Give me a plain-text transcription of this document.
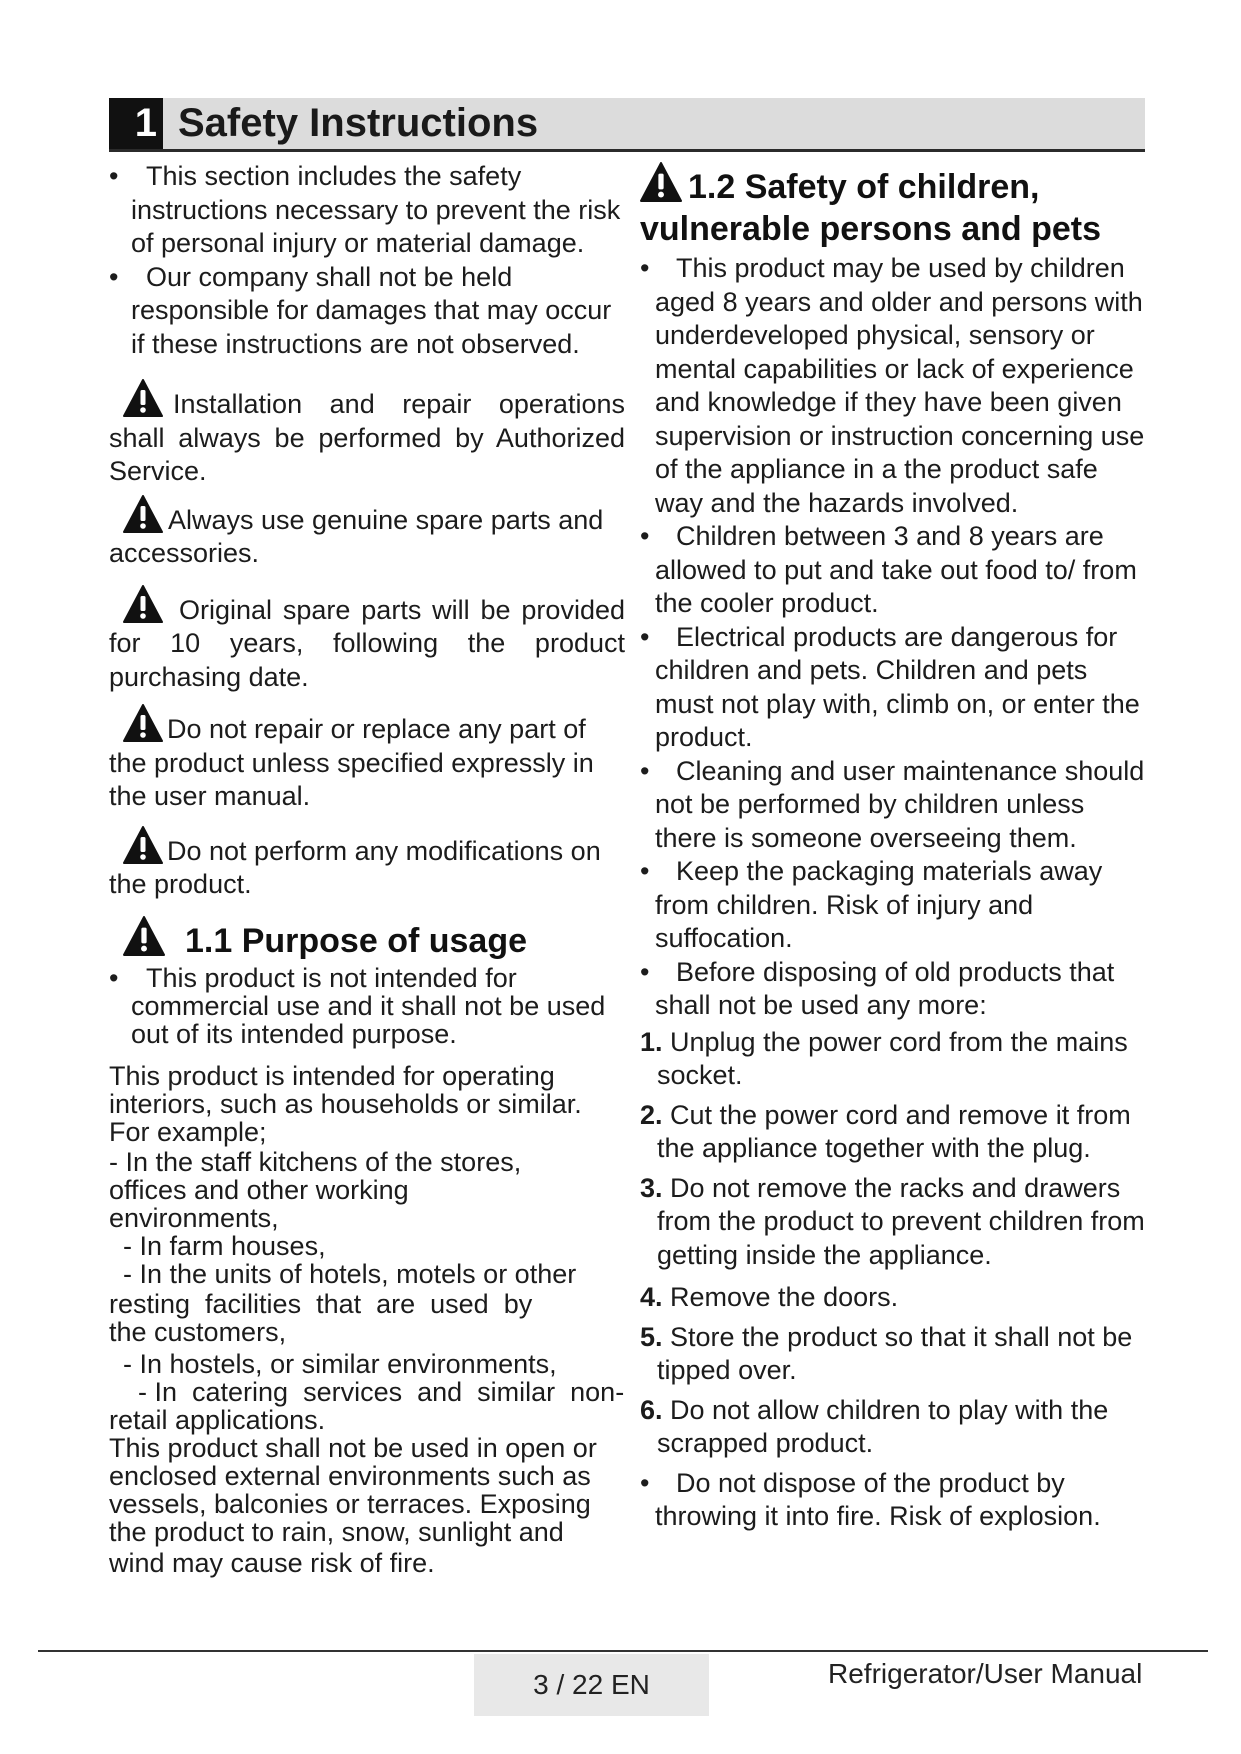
1 Safety Instructions
•	This section includes the safety instructions necessary to prevent the risk of personal injury or material damage.
•	Our company shall not be held responsible for damages that may occur if these instructions are not observed.
Installation and repair operations shall always be performed by Authorized Service.
Always use genuine spare parts and accessories.
Original spare parts will be provided for 10 years, following the product purchasing date.
Do not repair or replace any part of the product unless specified expressly in the user manual.
Do not perform any modifications on the product.
1.1 Purpose of usage
•	This product is not intended for commercial use and it shall not be used out of its intended purpose.
This product is intended for operating
interiors, such as households or similar.
For example;
- In the staff kitchens of the stores,
offices and other working
environments,
- In farm houses,
- In the units of hotels, motels or other
resting  facilities  that  are  used  by
the customers,
- In hostels, or similar environments,
- In  catering  services  and  similar  non-
retail applications.
This product shall not be used in open or
enclosed external environments such as
vessels, balconies or terraces. Exposing
the product to rain, snow, sunlight and
wind may cause risk of fire.
1.2 Safety of children, vulnerable persons and pets
• This product may be used by children aged 8 years and older and persons with underdeveloped physical, sensory or mental capabilities or lack of experience and knowledge if they have been given supervision or instruction concerning use of the appliance in a the product safe way and the hazards involved.
• Children between 3 and 8 years are allowed to put and take out food to/ from the cooler product.
• Electrical products are dangerous for children and pets. Children and pets must not play with, climb on, or enter the product.
• Cleaning and user maintenance should not be performed by children unless there is someone overseeing them.
• Keep the packaging materials away from children. Risk of injury and suffocation.
• Before disposing of old products that shall not be used any more:
1. Unplug the power cord from the mains socket.
2. Cut the power cord and remove it from the appliance together with the plug.
3. Do not remove the racks and drawers from the product to prevent children from getting inside the appliance.
4. Remove the doors.
5. Store the product so that it shall not be tipped over.
6. Do not allow children to play with the scrapped product.
• Do not dispose of the product by throwing it into fire. Risk of explosion.
3 / 22 EN	Refrigerator/User Manual
